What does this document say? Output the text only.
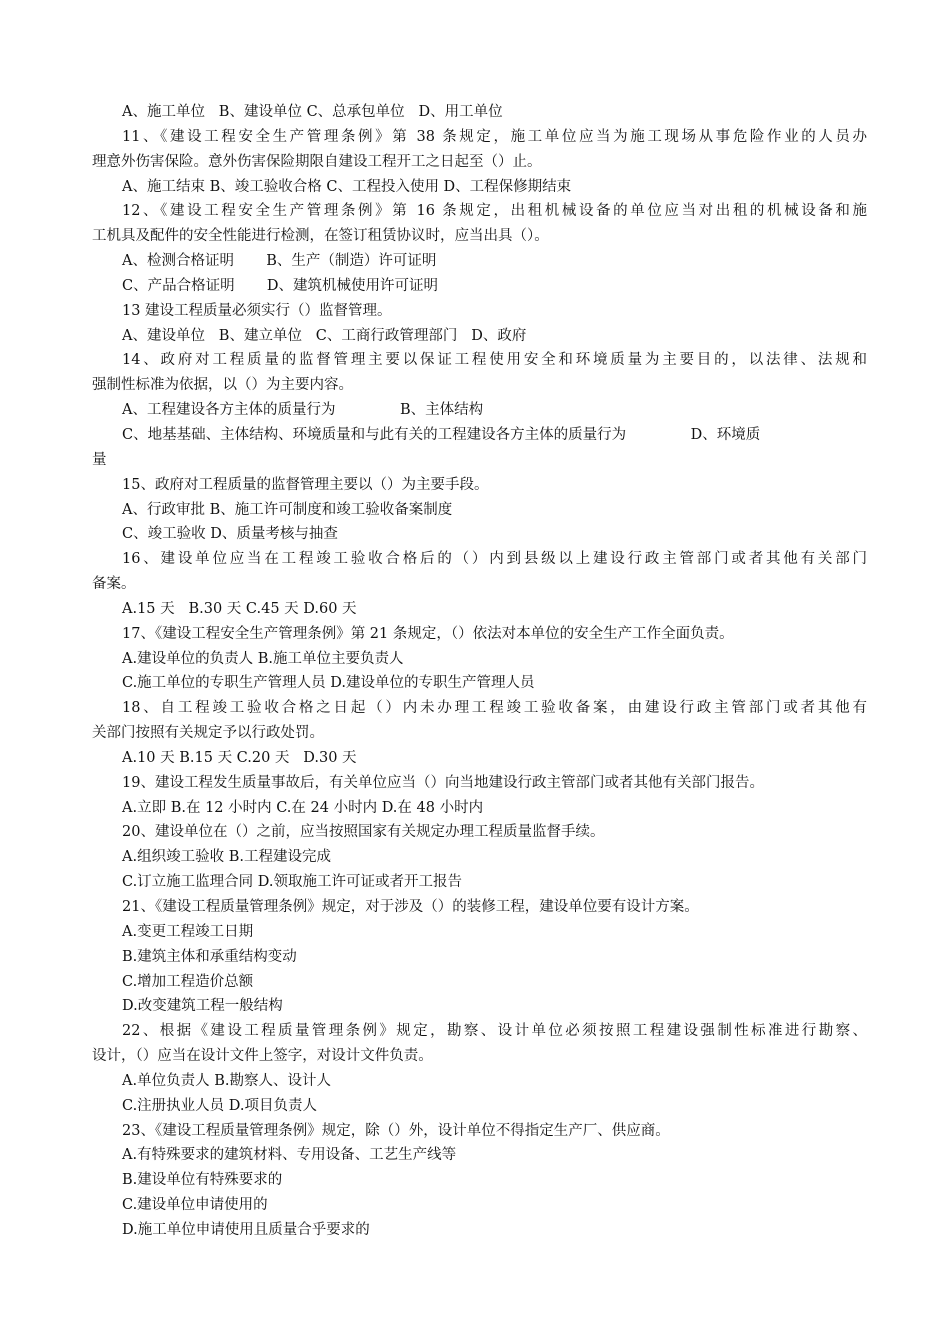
A、施工单位   B、建设单位 C、总承包单位   D、用工单位
11、《建设工程安全生产管理条例》第 38 条规定，施工单位应当为施工现场从事危险作业的人员办
理意外伤害保险。意外伤害保险期限自建设工程开工之日起至（）止。
A、施工结束 B、竣工验收合格 C、工程投入使用 D、工程保修期结束
12、《建设工程安全生产管理条例》第 16 条规定，出租机械设备的单位应当对出租的机械设备和施
工机具及配件的安全性能进行检测，在签订租赁协议时，应当出具（）。
A、检测合格证明       B、生产（制造）许可证明
C、产品合格证明       D、建筑机械使用许可证明
13 建设工程质量必须实行（）监督管理。
A、建设单位   B、建立单位   C、工商行政管理部门   D、政府
14、政府对工程质量的监督管理主要以保证工程使用安全和环境质量为主要目的，以法律、法规和
强制性标准为依据，以（）为主要内容。
A、工程建设各方主体的质量行为              B、主体结构
C、地基基础、主体结构、环境质量和与此有关的工程建设各方主体的质量行为              D、环境质
量
15、政府对工程质量的监督管理主要以（）为主要手段。
A、行政审批 B、施工许可制度和竣工验收备案制度
C、竣工验收 D、质量考核与抽查
16、建设单位应当在工程竣工验收合格后的（）内到县级以上建设行政主管部门或者其他有关部门
备案。
A.15 天   B.30 天 C.45 天 D.60 天
17、《建设工程安全生产管理条例》第 21 条规定，（）依法对本单位的安全生产工作全面负责。
A.建设单位的负责人 B.施工单位主要负责人
C.施工单位的专职生产管理人员 D.建设单位的专职生产管理人员
18、自工程竣工验收合格之日起（）内未办理工程竣工验收备案，由建设行政主管部门或者其他有
关部门按照有关规定予以行政处罚。
A.10 天 B.15 天 C.20 天   D.30 天
19、建设工程发生质量事故后，有关单位应当（）向当地建设行政主管部门或者其他有关部门报告。
A.立即 B.在 12 小时内 C.在 24 小时内 D.在 48 小时内
20、建设单位在（）之前，应当按照国家有关规定办理工程质量监督手续。
A.组织竣工验收 B.工程建设完成
C.订立施工监理合同 D.领取施工许可证或者开工报告
21、《建设工程质量管理条例》规定，对于涉及（）的装修工程，建设单位要有设计方案。
A.变更工程竣工日期
B.建筑主体和承重结构变动
C.增加工程造价总额
D.改变建筑工程一般结构
22、根据《建设工程质量管理条例》规定，勘察、设计单位必须按照工程建设强制性标准进行勘察、
设计，（）应当在设计文件上签字，对设计文件负责。
A.单位负责人 B.勘察人、设计人
C.注册执业人员 D.项目负责人
23、《建设工程质量管理条例》规定，除（）外，设计单位不得指定生产厂、供应商。
A.有特殊要求的建筑材料、专用设备、工艺生产线等
B.建设单位有特殊要求的
C.建设单位申请使用的
D.施工单位申请使用且质量合乎要求的
